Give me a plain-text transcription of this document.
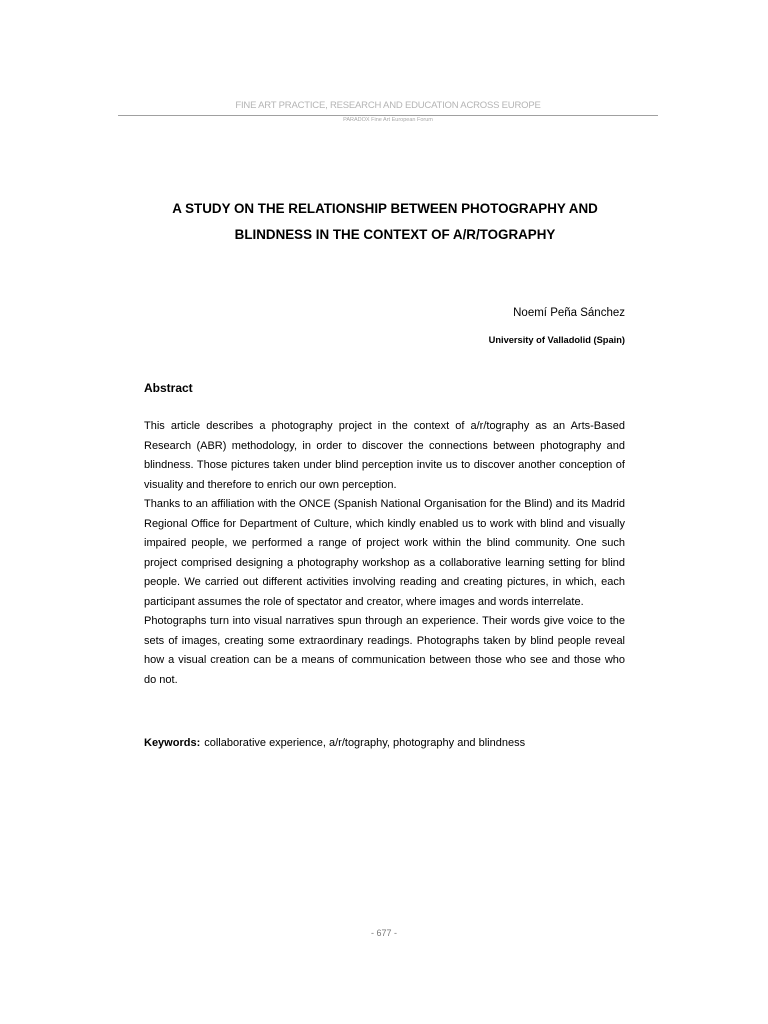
FINE ART PRACTICE, RESEARCH AND EDUCATION ACROSS EUROPE
PARADOX Fine Art European Forum
A STUDY ON THE RELATIONSHIP BETWEEN PHOTOGRAPHY AND
BLINDNESS IN THE CONTEXT OF A/R/TOGRAPHY
Noemí Peña Sánchez
University of Valladolid (Spain)
Abstract

This article describes a photography project in the context of a/r/tography as an Arts-Based Research (ABR) methodology, in order to discover the connections between photography and blindness. Those pictures taken under blind perception invite us to discover another conception of visuality and therefore to enrich our own perception.

Thanks to an affiliation with the ONCE (Spanish National Organisation for the Blind) and its Madrid Regional Office for Department of Culture, which kindly enabled us to work with blind and visually impaired people, we performed a range of project work within the blind community. One such project comprised designing a photography workshop as a collaborative learning setting for blind people. We carried out different activities involving reading and creating pictures, in which, each participant assumes the role of spectator and creator, where images and words interrelate.

Photographs turn into visual narratives spun through an experience. Their words give voice to the sets of images, creating some extraordinary readings. Photographs taken by blind people reveal how a visual creation can be a means of communication between those who see and those who do not.

Keywords: collaborative experience, a/r/tography, photography and blindness
- 677 -
